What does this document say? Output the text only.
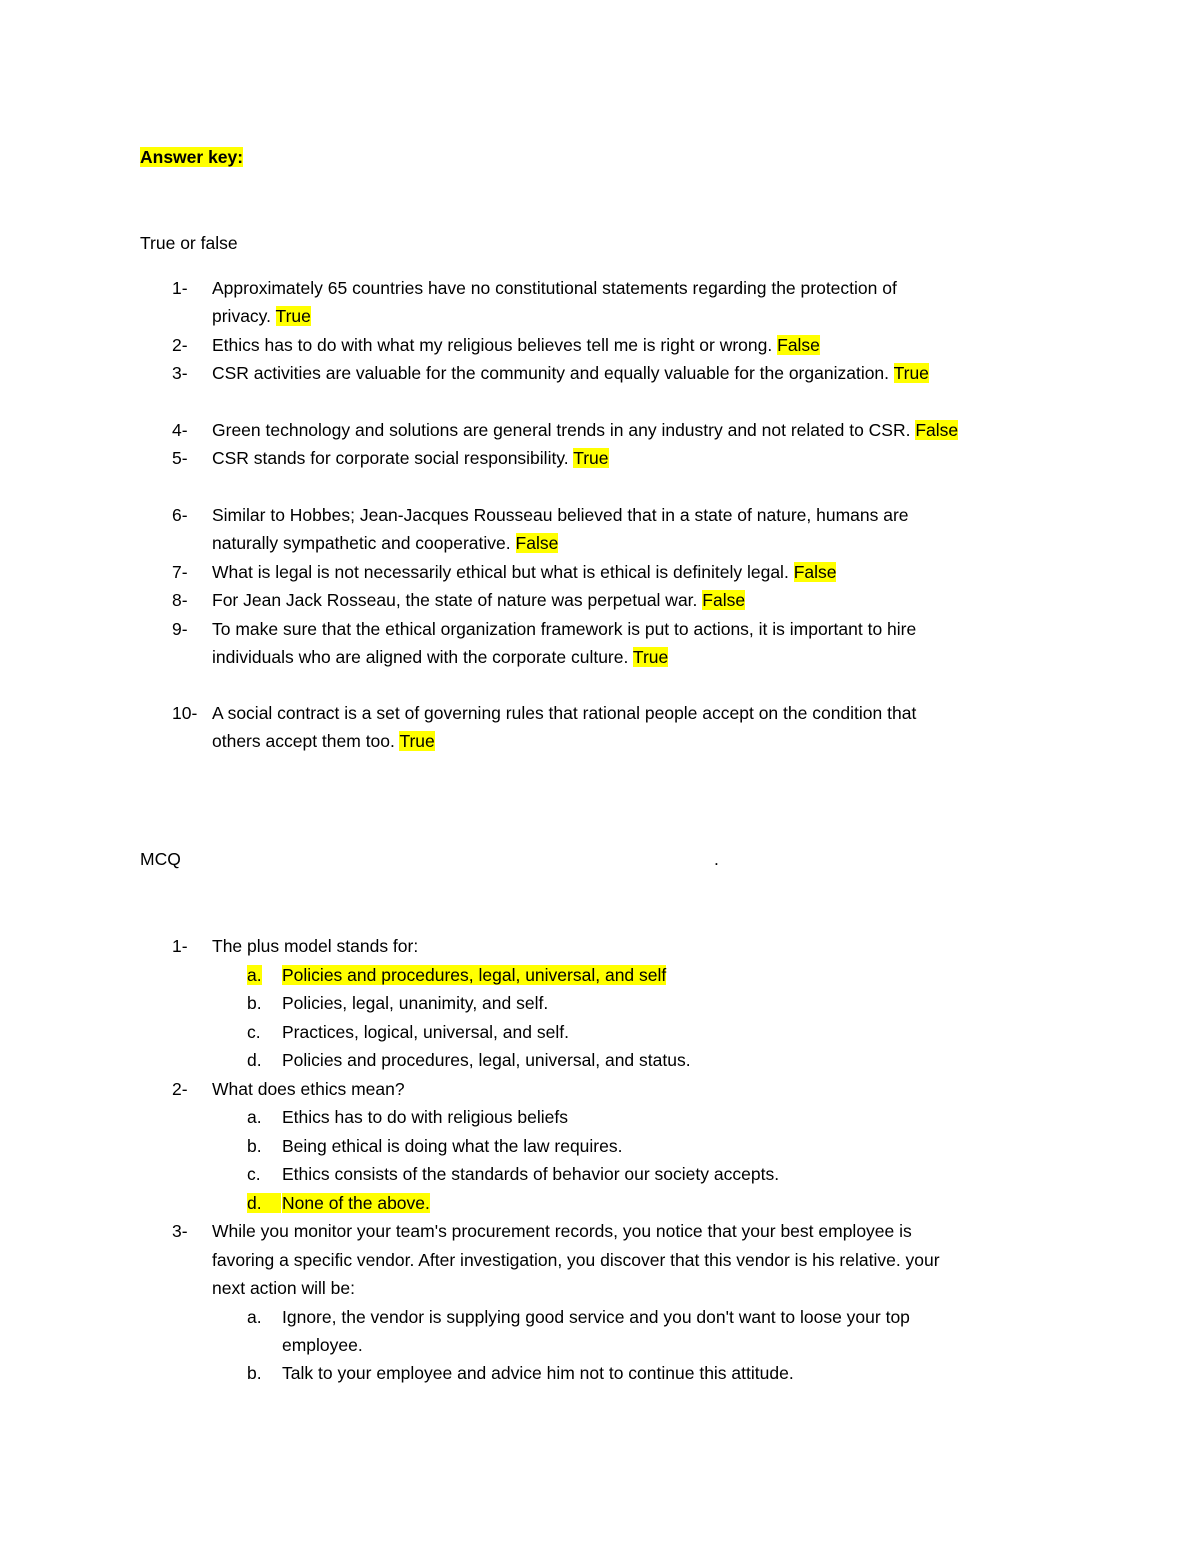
Answer key:
True or false
1- Approximately 65 countries have no constitutional statements regarding the protection of
privacy. True
2- Ethics has to do with what my religious believes tell me is right or wrong. False
3- CSR activities are valuable for the community and equally valuable for the organization. True
4- Green technology and solutions are general trends in any industry and not related to CSR. False
5- CSR stands for corporate social responsibility. True
6- Similar to Hobbes; Jean-Jacques Rousseau believed that in a state of nature, humans are
naturally sympathetic and cooperative. False
7- What is legal is not necessarily ethical but what is ethical is definitely legal. False
8- For Jean Jack Rosseau, the state of nature was perpetual war. False
9- To make sure that the ethical organization framework is put to actions, it is important to hire
individuals who are aligned with the corporate culture. True
10- A social contract is a set of governing rules that rational people accept on the condition that
others accept them too. True
MCQ	.
1- The plus model stands for:
a. Policies and procedures, legal, universal, and self
b. Policies, legal, unanimity, and self.
c. Practices, logical, universal, and self.
d. Policies and procedures, legal, universal, and status.
2- What does ethics mean?
a. Ethics has to do with religious beliefs
b. Being ethical is doing what the law requires.
c. Ethics consists of the standards of behavior our society accepts.
d.	None of the above.
3- While you monitor your team's procurement records, you notice that your best employee is
favoring a specific vendor. After investigation, you discover that this vendor is his relative. your
next action will be:
a. Ignore, the vendor is supplying good service and you don't want to loose your top
employee.
b. Talk to your employee and advice him not to continue this attitude.
